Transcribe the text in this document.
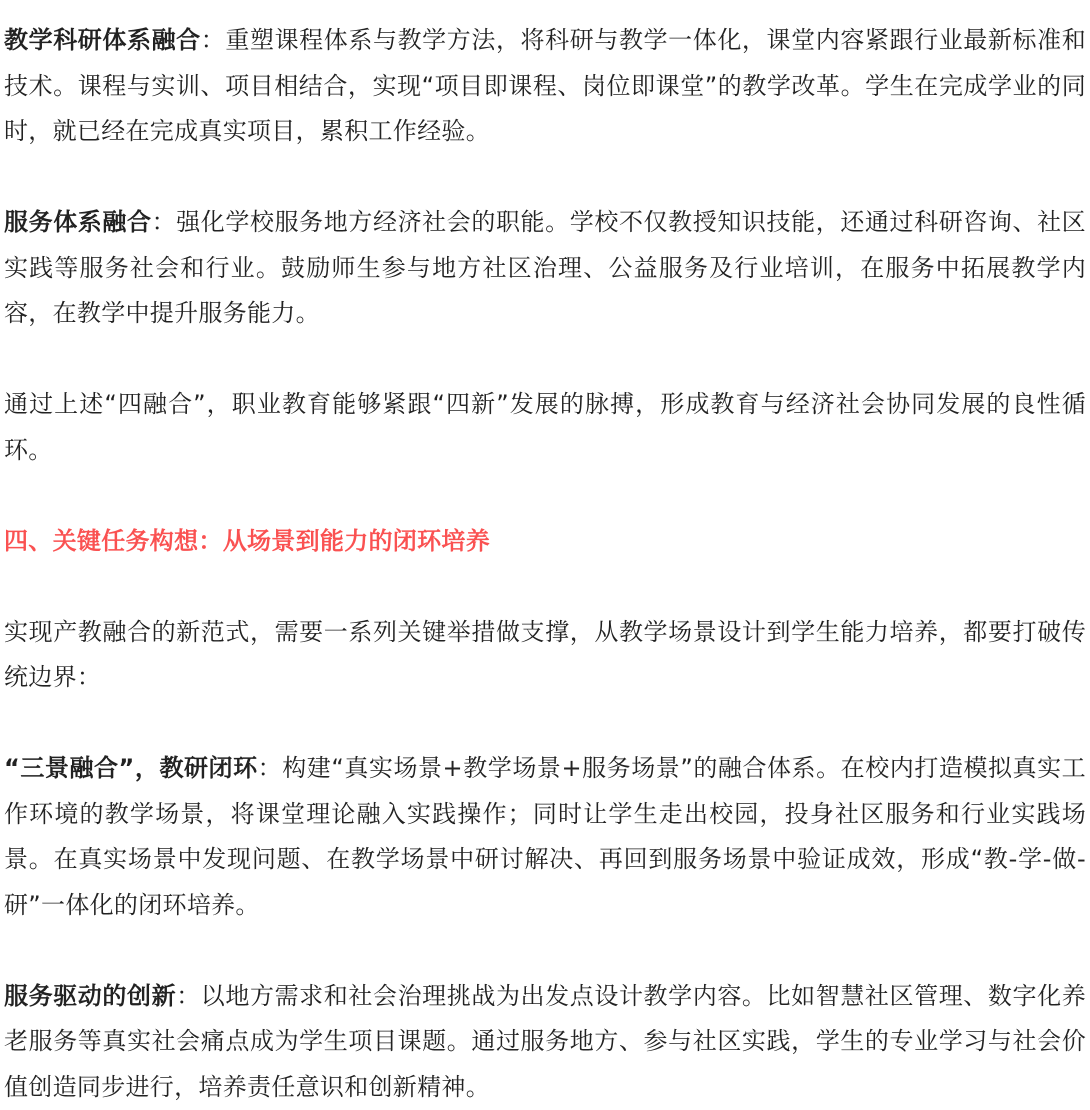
教学科研体系融合：重塑课程体系与教学方法，将科研与教学一体化，课堂内容紧跟行业最新标准和技术。课程与实训、项目相结合，实现“项目即课程、岗位即课堂”的教学改革。学生在完成学业的同时，就已经在完成真实项目，累积工作经验。

服务体系融合：强化学校服务地方经济社会的职能。学校不仅教授知识技能，还通过科研咨询、社区实践等服务社会和行业。鼓励师生参与地方社区治理、公益服务及行业培训，在服务中拓展教学内容，在教学中提升服务能力。

通过上述“四融合”，职业教育能够紧跟“四新”发展的脉搏，形成教育与经济社会协同发展的良性循环。

四、关键任务构想：从场景到能力的闭环培养

实现产教融合的新范式，需要一系列关键举措做支撑，从教学场景设计到学生能力培养，都要打破传统边界：

“三景融合”，教研闭环：构建“真实场景+教学场景+服务场景”的融合体系。在校内打造模拟真实工作环境的教学场景，将课堂理论融入实践操作；同时让学生走出校园，投身社区服务和行业实践场景。在真实场景中发现问题、在教学场景中研讨解决、再回到服务场景中验证成效，形成“教-学-做-研”一体化的闭环培养。

服务驱动的创新：以地方需求和社会治理挑战为出发点设计教学内容。比如智慧社区管理、数字化养老服务等真实社会痛点成为学生项目课题。通过服务地方、参与社区实践，学生的专业学习与社会价值创造同步进行，培养责任意识和创新精神。
